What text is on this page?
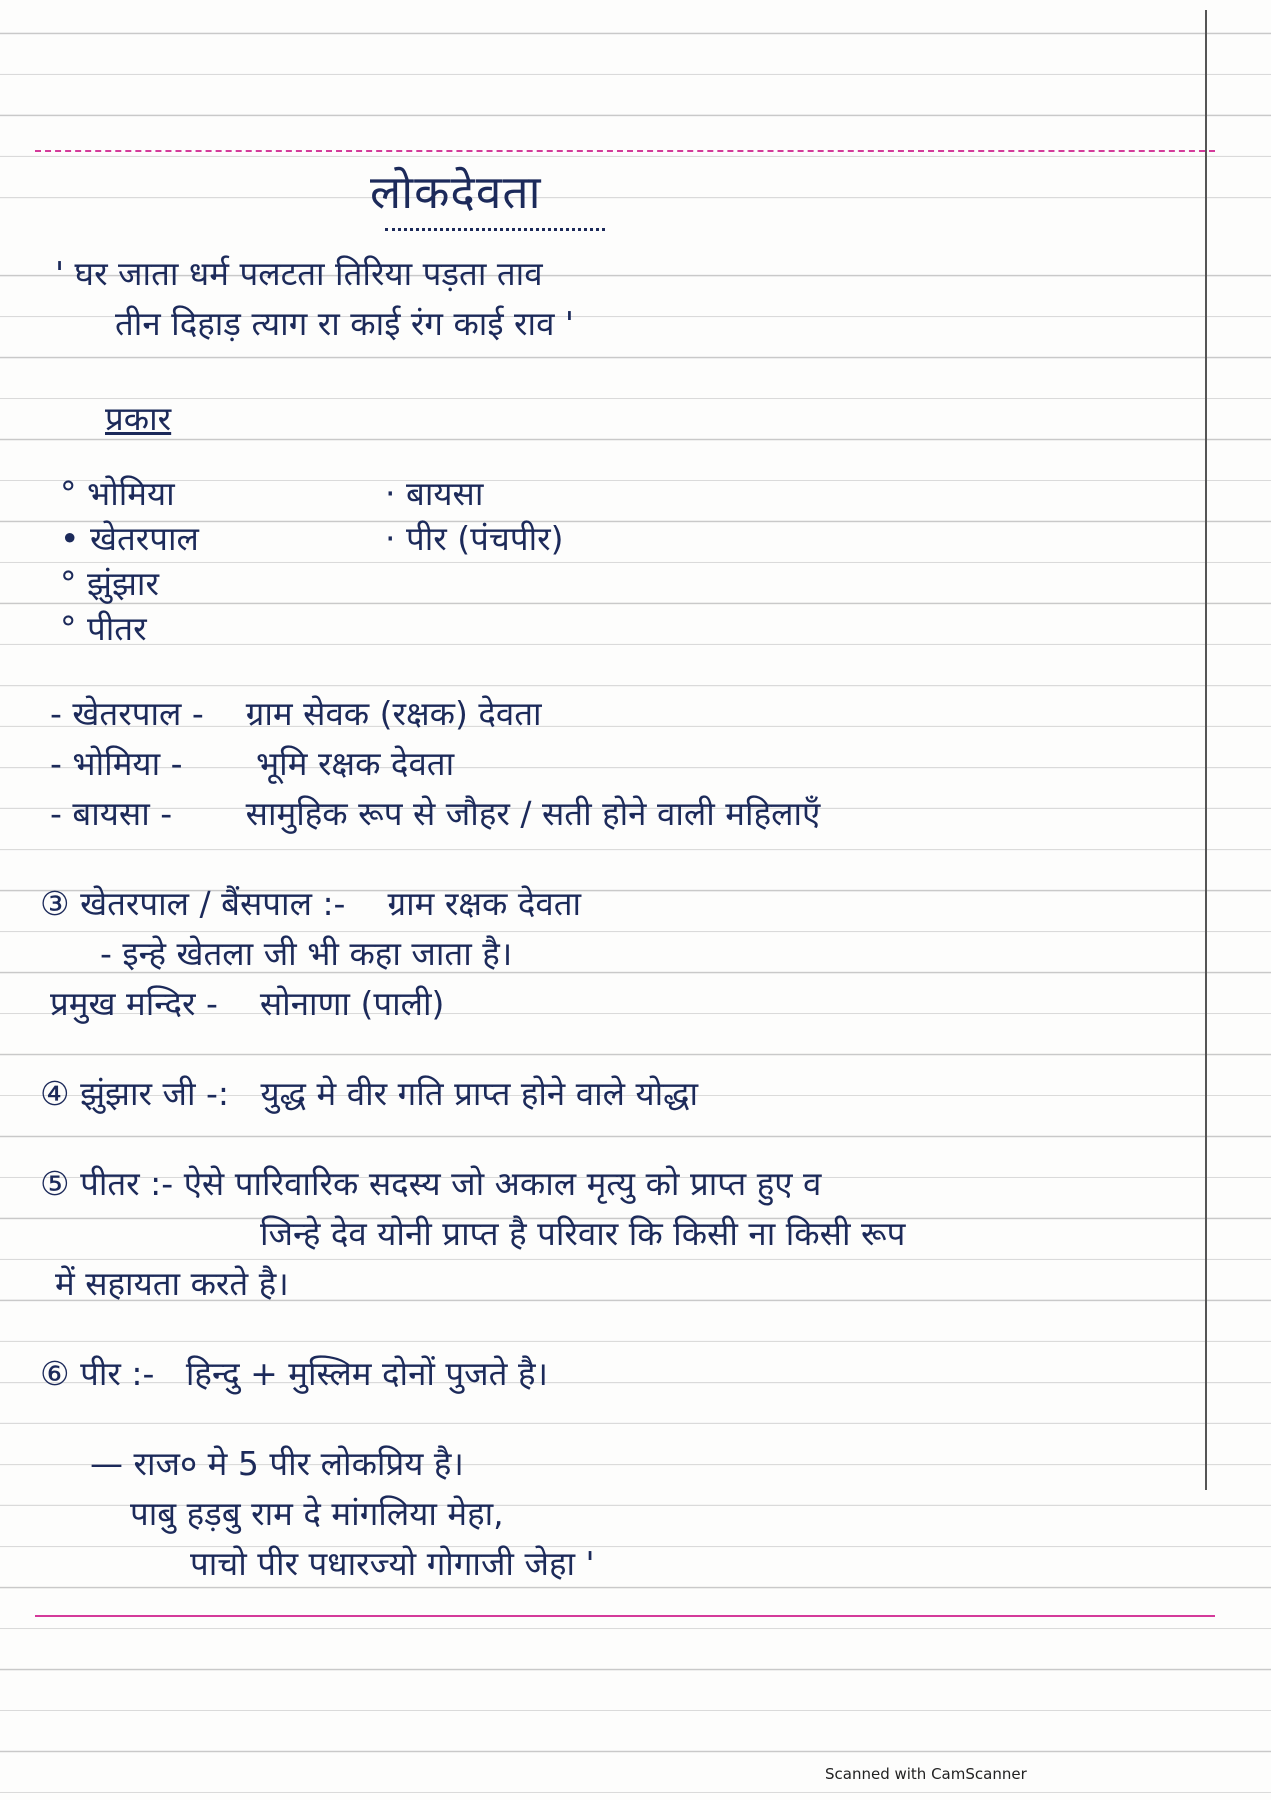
लोकदेवता
' घर जाता धर्म पलटता तिरिया पड़ता ताव
तीन दिहाड़ त्याग रा काई रंग काई राव '
प्रकार
° भोमिया
• खेतरपाल
° झुंझार
° पीतर
· बायसा
· पीर (पंचपीर)
- खेतरपाल - ग्राम सेवक (रक्षक) देवता
- भोमिया - भूमि रक्षक देवता
- बायसा - सामुहिक रूप से जौहर / सती होने वाली महिलाएँ
③ खेतरपाल / बैंसपाल :- ग्राम रक्षक देवता
- इन्हे खेतला जी भी कहा जाता है।
प्रमुख मन्दिर - सोनाणा (पाली)
④ झुंझार जी -: युद्ध मे वीर गति प्राप्त होने वाले योद्धा
⑤ पीतर :- ऐसे पारिवारिक सदस्य जो अकाल मृत्यु को प्राप्त हुए व
जिन्हे देव योनी प्राप्त है परिवार कि किसी ना किसी रूप
में सहायता करते है।
⑥ पीर :- हिन्दु + मुस्लिम दोनों पुजते है।
— राज० मे 5 पीर लोकप्रिय है।
पाबु हड़बु राम दे मांगलिया मेहा,
पाचो पीर पधारज्यो गोगाजी जेहा '
Scanned with CamScanner
